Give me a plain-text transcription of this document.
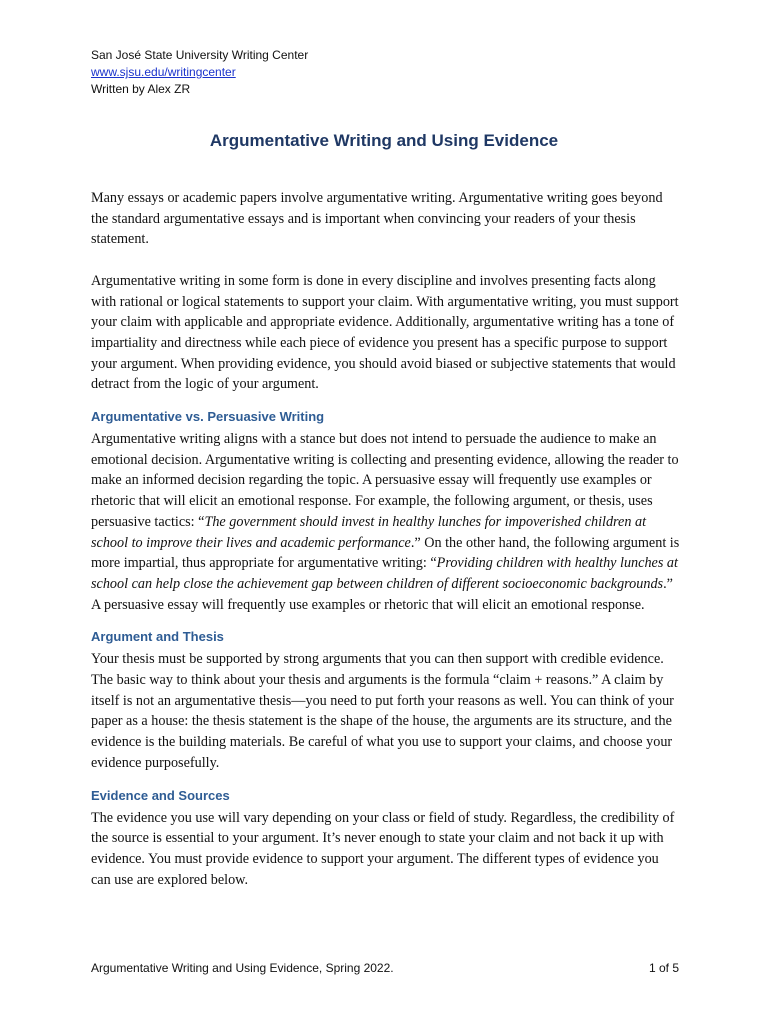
San José State University Writing Center
www.sjsu.edu/writingcenter
Written by Alex ZR
Argumentative Writing and Using Evidence

Many essays or academic papers involve argumentative writing. Argumentative writing goes beyond the standard argumentative essays and is important when convincing your readers of your thesis statement.

Argumentative writing in some form is done in every discipline and involves presenting facts along with rational or logical statements to support your claim. With argumentative writing, you must support your claim with applicable and appropriate evidence. Additionally, argumentative writing has a tone of impartiality and directness while each piece of evidence you present has a specific purpose to support your argument. When providing evidence, you should avoid biased or subjective statements that would detract from the logic of your argument.

Argumentative vs. Persuasive Writing

Argumentative writing aligns with a stance but does not intend to persuade the audience to make an emotional decision. Argumentative writing is collecting and presenting evidence, allowing the reader to make an informed decision regarding the topic. A persuasive essay will frequently use examples or rhetoric that will elicit an emotional response. For example, the following argument, or thesis, uses persuasive tactics: “The government should invest in healthy lunches for impoverished children at school to improve their lives and academic performance.” On the other hand, the following argument is more impartial, thus appropriate for argumentative writing: “Providing children with healthy lunches at school can help close the achievement gap between children of different socioeconomic backgrounds.” A persuasive essay will frequently use examples or rhetoric that will elicit an emotional response.

Argument and Thesis

Your thesis must be supported by strong arguments that you can then support with credible evidence. The basic way to think about your thesis and arguments is the formula “claim + reasons.” A claim by itself is not an argumentative thesis—you need to put forth your reasons as well. You can think of your paper as a house: the thesis statement is the shape of the house, the arguments are its structure, and the evidence is the building materials. Be careful of what you use to support your claims, and choose your evidence purposefully.

Evidence and Sources

The evidence you use will vary depending on your class or field of study. Regardless, the credibility of the source is essential to your argument. It’s never enough to state your claim and not back it up with evidence. You must provide evidence to support your argument. The different types of evidence you can use are explored below.

Argumentative Writing and Using Evidence, Spring 2022.	1 of 5
